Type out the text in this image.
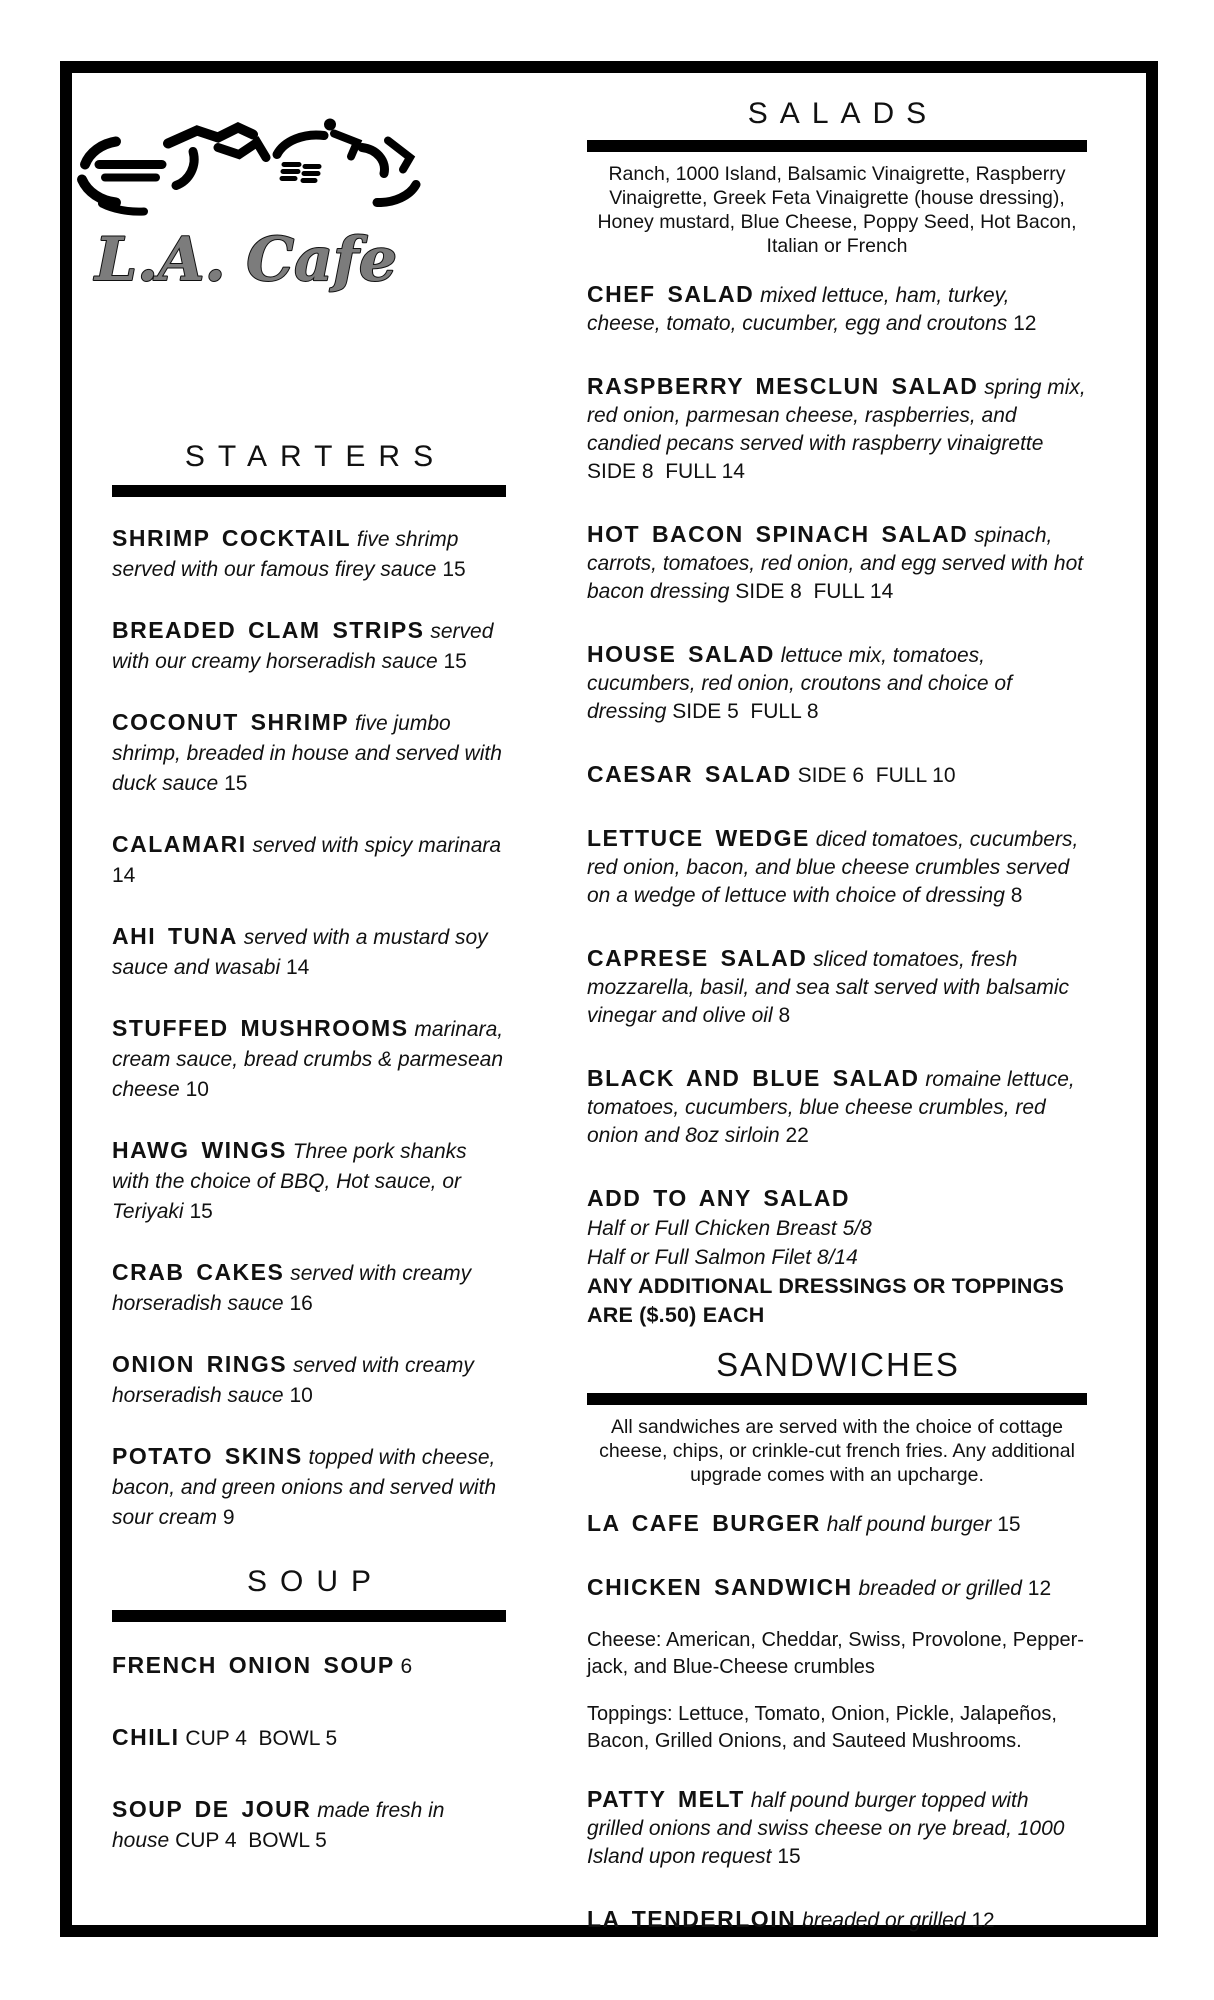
L.A. Cafe
STARTERS

SHRIMP COCKTAIL five shrimp served with our famous firey sauce 15

BREADED CLAM STRIPS served with our creamy horseradish sauce 15

COCONUT SHRIMP five jumbo shrimp, breaded in house and served with duck sauce 15

CALAMARI served with spicy marinara 14

AHI TUNA served with a mustard soy sauce and wasabi 14

STUFFED MUSHROOMS marinara, cream sauce, bread crumbs & parmesean cheese 10

HAWG WINGS Three pork shanks with the choice of BBQ, Hot sauce, or Teriyaki 15

CRAB CAKES served with creamy horseradish sauce 16

ONION RINGS served with creamy horseradish sauce 10

POTATO SKINS topped with cheese, bacon, and green onions and served with sour cream 9

SOUP

FRENCH ONION SOUP 6

CHILI CUP 4  BOWL 5

SOUP DE JOUR made fresh in house CUP 4  BOWL 5

SALADS

Ranch, 1000 Island, Balsamic Vinaigrette, Raspberry Vinaigrette, Greek Feta Vinaigrette (house dressing), Honey mustard, Blue Cheese, Poppy Seed, Hot Bacon, Italian or French

CHEF SALAD mixed lettuce, ham, turkey, cheese, tomato, cucumber, egg and croutons 12

RASPBERRY MESCLUN SALAD spring mix, red onion, parmesan cheese, raspberries, and candied pecans served with raspberry vinaigrette SIDE 8  FULL 14

HOT BACON SPINACH SALAD spinach, carrots, tomatoes, red onion, and egg served with hot bacon dressing SIDE 8  FULL 14

HOUSE SALAD lettuce mix, tomatoes, cucumbers, red onion, croutons and choice of dressing SIDE 5  FULL 8

CAESAR SALAD SIDE 6  FULL 10

LETTUCE WEDGE diced tomatoes, cucumbers, red onion, bacon, and blue cheese crumbles served on a wedge of lettuce with choice of dressing 8

CAPRESE SALAD sliced tomatoes, fresh mozzarella, basil, and sea salt served with balsamic vinegar and olive oil 8

BLACK AND BLUE SALAD romaine lettuce, tomatoes, cucumbers, blue cheese crumbles, red onion and 8oz sirloin 22

ADD TO ANY SALAD

Half or Full Chicken Breast 5/8

Half or Full Salmon Filet 8/14

ANY ADDITIONAL DRESSINGS OR TOPPINGS

ARE ($.50) EACH

SANDWICHES

All sandwiches are served with the choice of cottage cheese, chips, or crinkle-cut french fries. Any additional upgrade comes with an upcharge.

LA CAFE BURGER half pound burger 15

CHICKEN SANDWICH breaded or grilled 12

Cheese: American, Cheddar, Swiss, Provolone, Pepper-jack, and Blue-Cheese crumbles

Toppings: Lettuce, Tomato, Onion, Pickle, Jalapeños, Bacon, Grilled Onions, and Sauteed Mushrooms.

PATTY MELT half pound burger topped with grilled onions and swiss cheese on rye bread, 1000 Island upon request 15

LA TENDERLOIN breaded or grilled 12
